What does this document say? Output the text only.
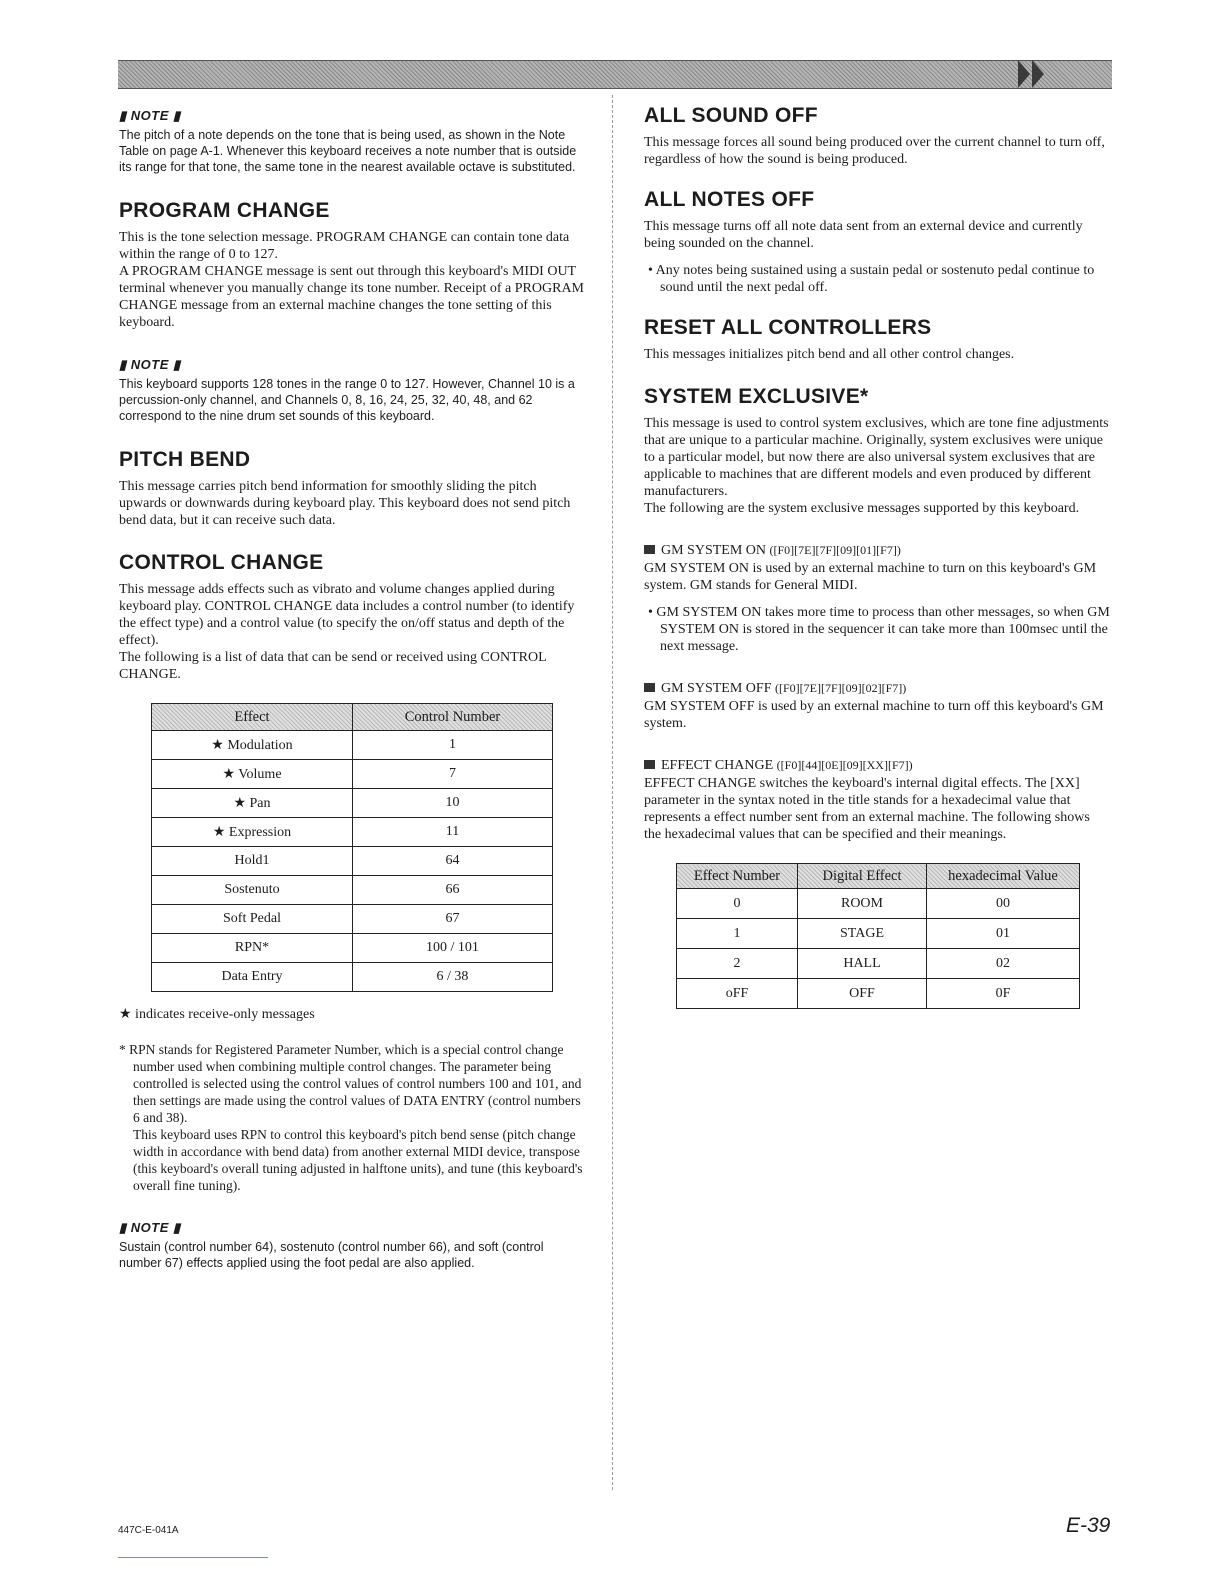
▮ NOTE ▮

The pitch of a note depends on the tone that is being used, as shown in the Note Table on page A-1. Whenever this keyboard receives a note number that is outside its range for that tone, the same tone in the nearest available octave is substituted.

PROGRAM CHANGE

This is the tone selection message. PROGRAM CHANGE can contain tone data within the range of 0 to 127.

A PROGRAM CHANGE message is sent out through this keyboard's MIDI OUT terminal whenever you manually change its tone number. Receipt of a PROGRAM CHANGE message from an external machine changes the tone setting of this keyboard.

▮ NOTE ▮

This keyboard supports 128 tones in the range 0 to 127. However, Channel 10 is a percussion-only channel, and Channels 0, 8, 16, 24, 25, 32, 40, 48, and 62 correspond to the nine drum set sounds of this keyboard.

PITCH BEND

This message carries pitch bend information for smoothly sliding the pitch upwards or downwards during keyboard play. This keyboard does not send pitch bend data, but it can receive such data.

CONTROL CHANGE

This message adds effects such as vibrato and volume changes applied during keyboard play. CONTROL CHANGE data includes a control number (to identify the effect type) and a control value (to specify the on/off status and depth of the effect).

The following is a list of data that can be send or received using CONTROL CHANGE.

Effect	Control Number
★ Modulation	1
★ Volume	7
★ Pan	10
★ Expression	11
Hold1	64
Sostenuto	66
Soft Pedal	67
RPN*	100 / 101
Data Entry	6 / 38

★ indicates receive-only messages

* RPN stands for Registered Parameter Number, which is a special control change number used when combining multiple control changes. The parameter being controlled is selected using the control values of control numbers 100 and 101, and then settings are made using the control values of DATA ENTRY (control numbers 6 and 38).

This keyboard uses RPN to control this keyboard's pitch bend sense (pitch change width in accordance with bend data) from another external MIDI device, transpose (this keyboard's overall tuning adjusted in halftone units), and tune (this keyboard's overall fine tuning).

▮ NOTE ▮

Sustain (control number 64), sostenuto (control number 66), and soft (control number 67) effects applied using the foot pedal are also applied.

ALL SOUND OFF

This message forces all sound being produced over the current channel to turn off, regardless of how the sound is being produced.

ALL NOTES OFF

This message turns off all note data sent from an external device and currently being sounded on the channel.

• Any notes being sustained using a sustain pedal or sostenuto pedal continue to sound until the next pedal off.

RESET ALL CONTROLLERS

This messages initializes pitch bend and all other control changes.

SYSTEM EXCLUSIVE*

This message is used to control system exclusives, which are tone fine adjustments that are unique to a particular machine. Originally, system exclusives were unique to a particular model, but now there are also universal system exclusives that are applicable to machines that are different models and even produced by different manufacturers.

The following are the system exclusive messages supported by this keyboard.

GM SYSTEM ON ([F0][7E][7F][09][01][F7])

GM SYSTEM ON is used by an external machine to turn on this keyboard's GM system. GM stands for General MIDI.

• GM SYSTEM ON takes more time to process than other messages, so when GM SYSTEM ON is stored in the sequencer it can take more than 100msec until the next message.

GM SYSTEM OFF ([F0][7E][7F][09][02][F7])

GM SYSTEM OFF is used by an external machine to turn off this keyboard's GM system.

EFFECT CHANGE ([F0][44][0E][09][XX][F7])

EFFECT CHANGE switches the keyboard's internal digital effects. The [XX] parameter in the syntax noted in the title stands for a hexadecimal value that represents a effect number sent from an external machine. The following shows the hexadecimal values that can be specified and their meanings.

Effect Number	Digital Effect	hexadecimal Value
0	ROOM	00
1	STAGE	01
2	HALL	02
oFF	OFF	0F
447C-E-041A	E-39
